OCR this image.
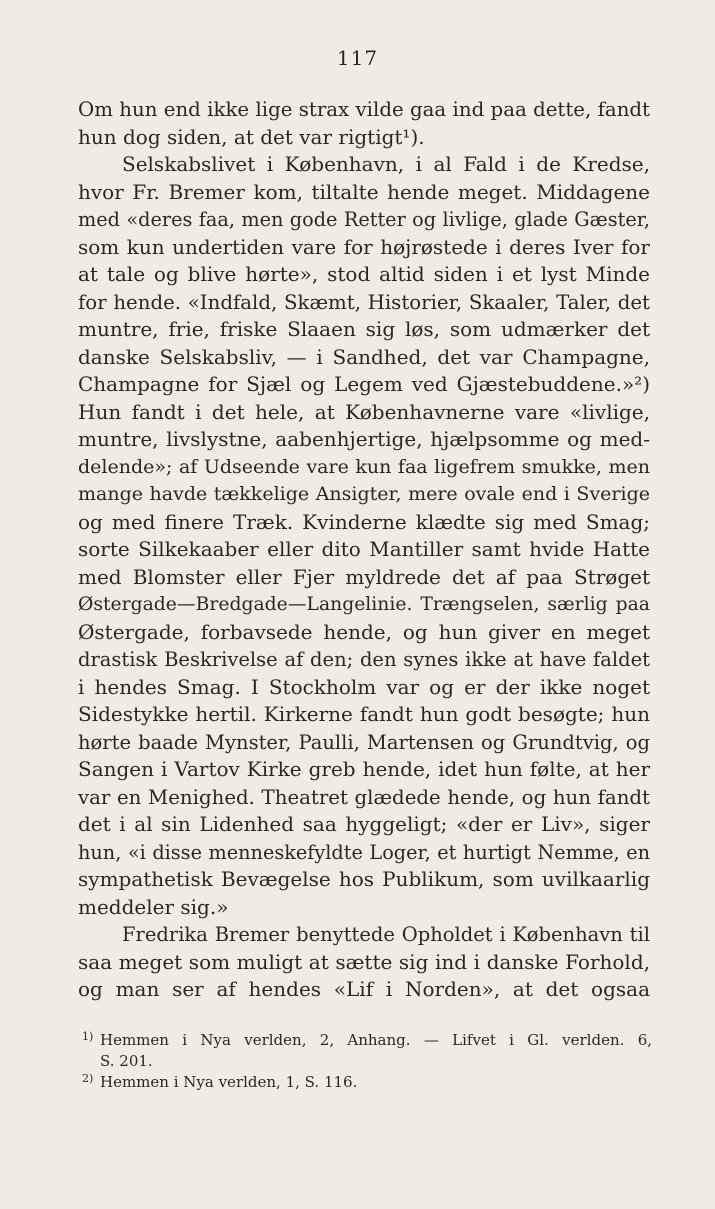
117
Om hun end ikke lige strax vilde gaa ind paa dette, fandt
hun dog siden, at det var rigtigt¹).
Selskabslivet i København, i al Fald i de Kredse,
hvor Fr. Bremer kom, tiltalte hende meget. Middagene
med «deres faa, men gode Retter og livlige, glade Gæster,
som kun undertiden vare for højrøstede i deres Iver for
at tale og blive hørte», stod altid siden i et lyst Minde
for hende. «Indfald, Skæmt, Historier, Skaaler, Taler, det
muntre, frie, friske Slaaen sig løs, som udmærker det
danske Selskabsliv, — i Sandhed, det var Champagne,
Champagne for Sjæl og Legem ved Gjæstebuddene.»²)
Hun fandt i det hele, at Københavnerne vare «livlige,
muntre, livslystne, aabenhjertige, hjælpsomme og med-
delende»; af Udseende vare kun faa ligefrem smukke, men
mange havde tækkelige Ansigter, mere ovale end i Sverige
og med finere Træk. Kvinderne klædte sig med Smag;
sorte Silkekaaber eller dito Mantiller samt hvide Hatte
med Blomster eller Fjer myldrede det af paa Strøget
Østergade—Bredgade—Langelinie. Trængselen, særlig paa
Østergade, forbavsede hende, og hun giver en meget
drastisk Beskrivelse af den; den synes ikke at have faldet
i hendes Smag. I Stockholm var og er der ikke noget
Sidestykke hertil. Kirkerne fandt hun godt besøgte; hun
hørte baade Mynster, Paulli, Martensen og Grundtvig, og
Sangen i Vartov Kirke greb hende, idet hun følte, at her
var en Menighed. Theatret glædede hende, og hun fandt
det i al sin Lidenhed saa hyggeligt; «der er Liv», siger
hun, «i disse menneskefyldte Loger, et hurtigt Nemme, en
sympathetisk Bevægelse hos Publikum, som uvilkaarlig
meddeler sig.»
Fredrika Bremer benyttede Opholdet i København til
saa meget som muligt at sætte sig ind i danske Forhold,
og man ser af hendes «Lif i Norden», at det ogsaa
1) Hemmen i Nya verlden, 2, Anhang. — Lifvet i Gl. verlden. 6,
S. 201.
2) Hemmen i Nya verlden, 1, S. 116.
